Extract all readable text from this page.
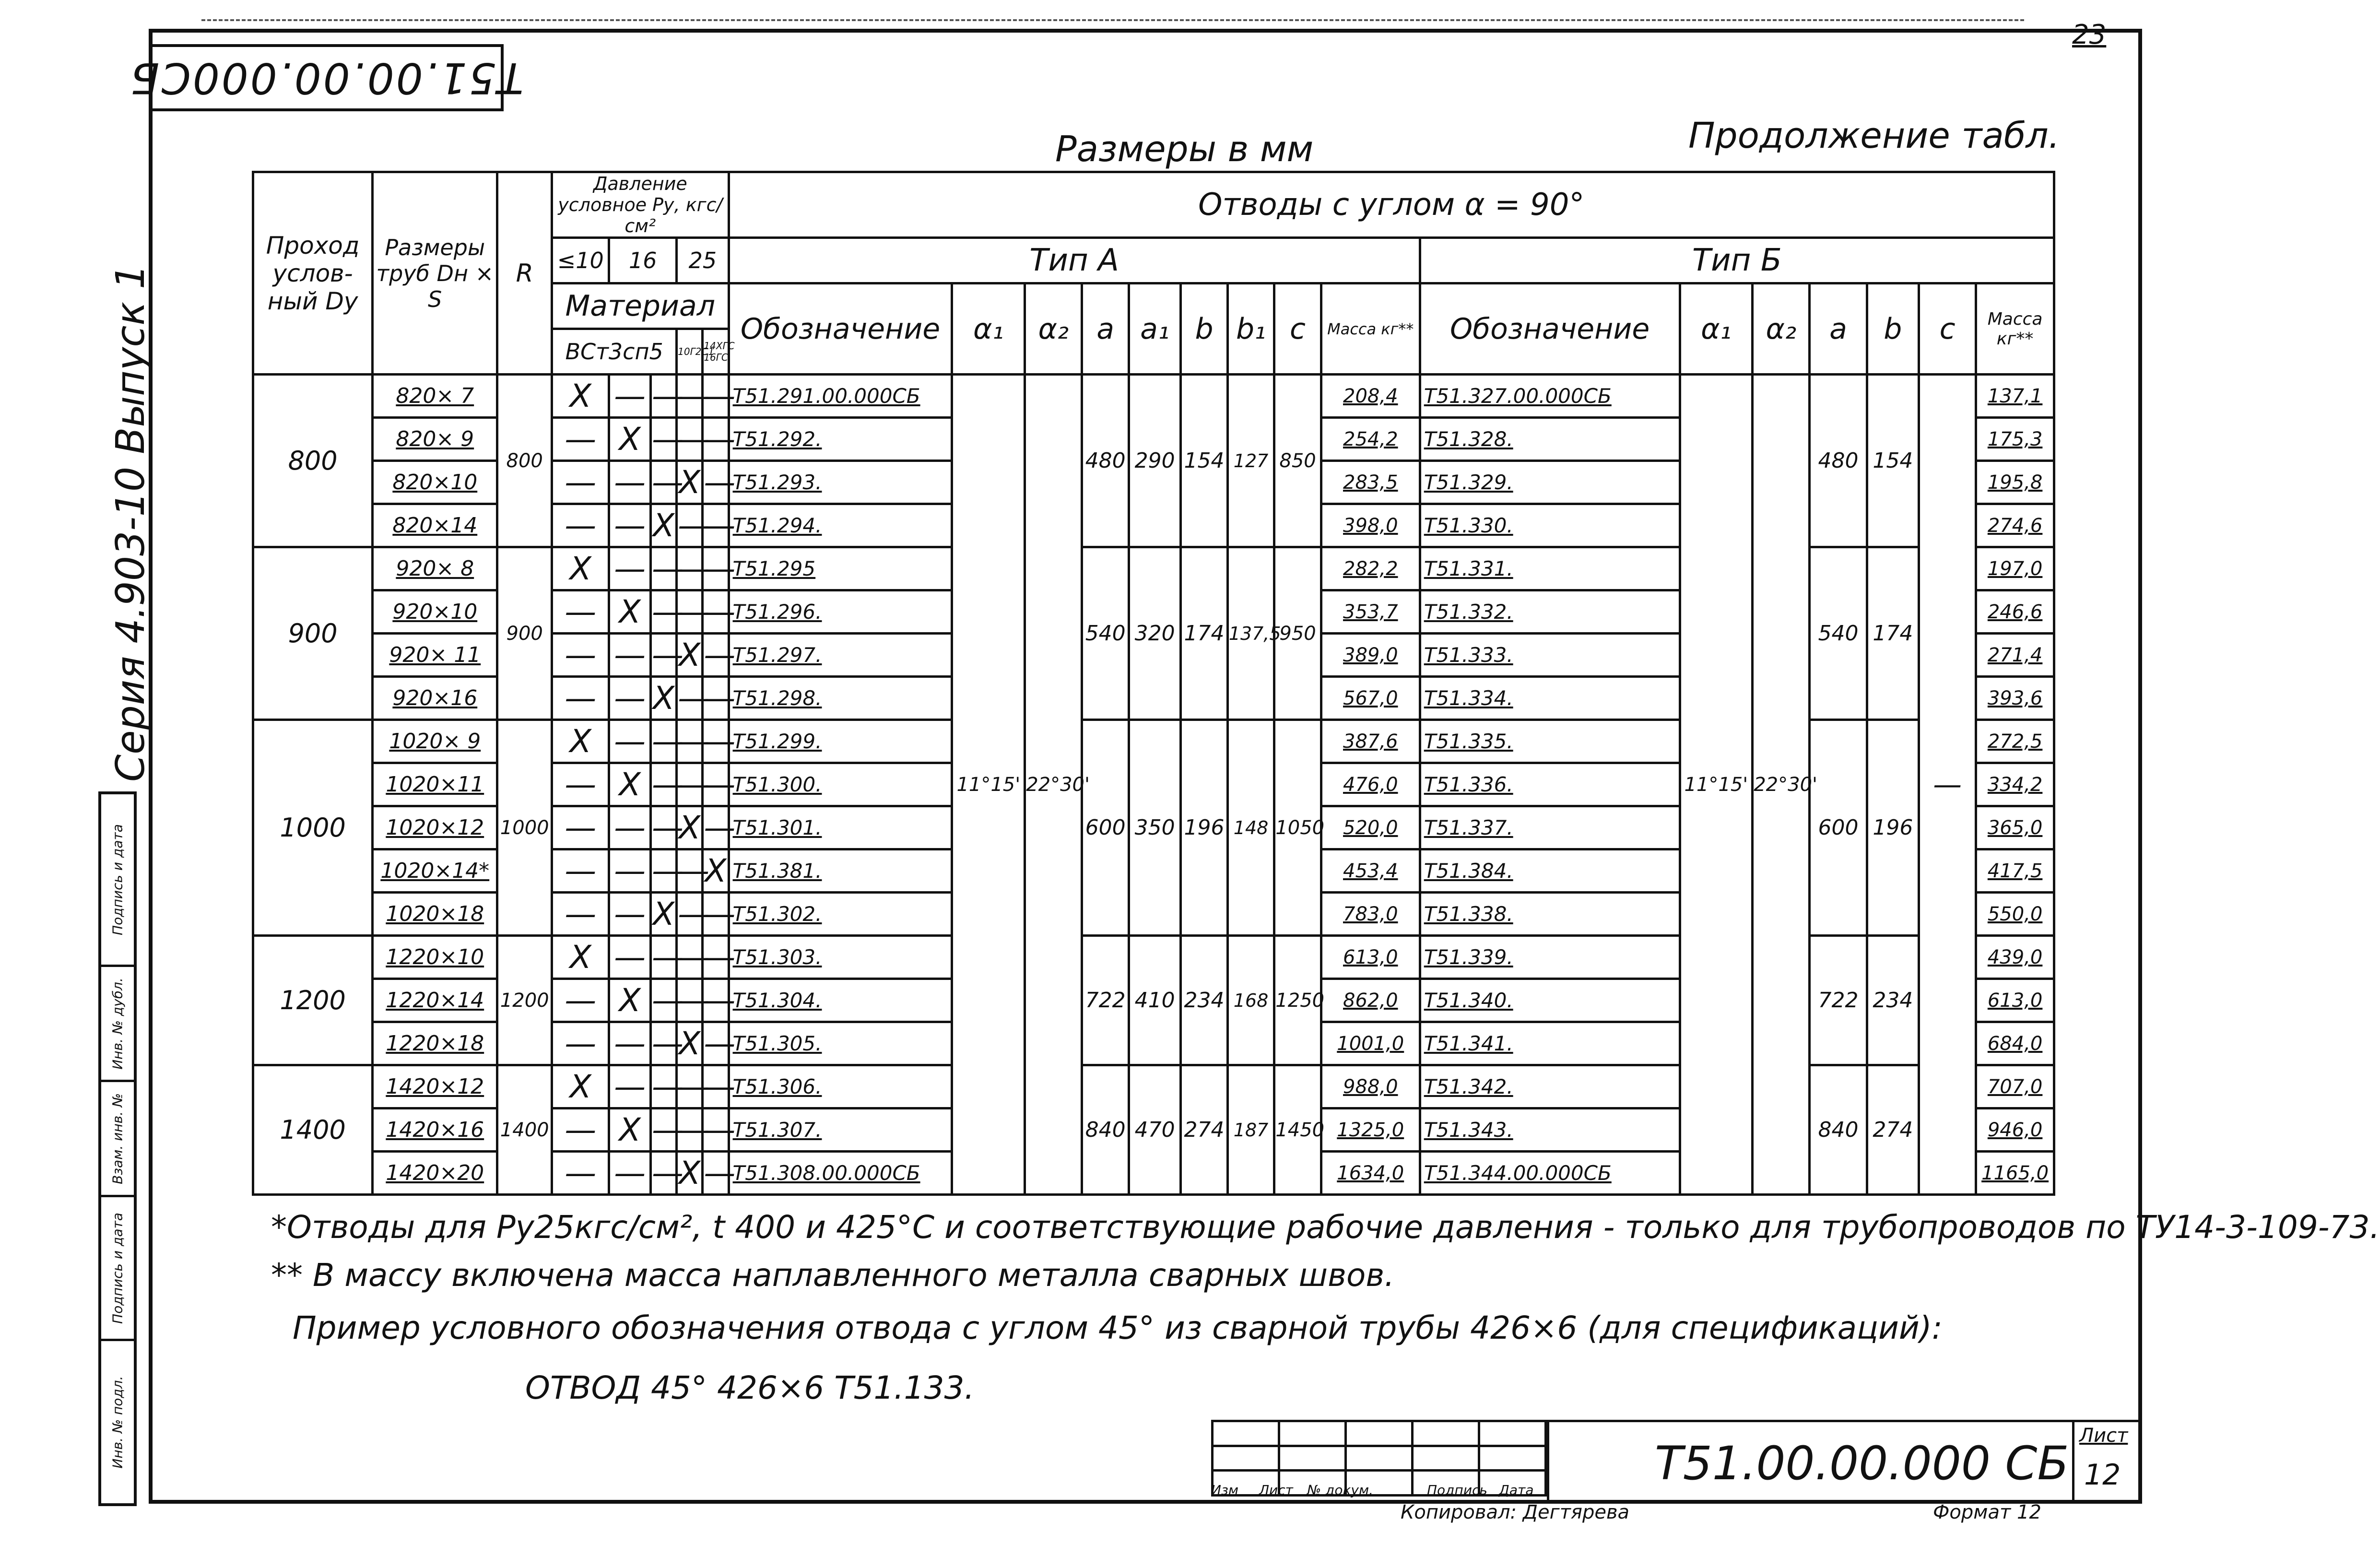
23
T51.00.00.000CБ
Серия 4.903-10 Выпуск 1
Подпись и дата
Инв. № дубл.
Взам. инв. №
Подпись и дата
Инв. № подл.
Размеры в мм	Продолжение табл.
Проход услов-ный Dy	Размеры труб Dн × S	R	Давление условное Ру, кгс/см²					Отводы с углом α = 90°															
			≤10	16		25		Тип А									Тип Б						
			Материал					Обозначение	α₁	α₂	a	a₁	b	b₁	c	Масса кг**	Обозначение	α₁	α₂	a	b	c	Масса кг**
			ВСт3сп5			10Г2С1	14ХГС 16ГС																
800	820× 7	800	X	—	—	—	—	T51.291.00.000СБ	11°15'	22°30'	480	290	154	127	850	208,4	T51.327.00.000СБ	11°15'	22°30'	480	154	—	137,1
	820× 9		—	X	—	—	—	T51.292.								254,2	T51.328.						175,3
	820×10		—	—	—	X	—	T51.293.								283,5	T51.329.						195,8
	820×14		—	—	X	—	—	T51.294.								398,0	T51.330.						274,6
900	920× 8	900	X	—	—	—	—	T51.295			540	320	174	137,5	950	282,2	T51.331.			540	174		197,0
	920×10		—	X	—	—	—	T51.296.								353,7	T51.332.						246,6
	920× 11		—	—	—	X	—	T51.297.								389,0	T51.333.						271,4
	920×16		—	—	X	—	—	T51.298.								567,0	T51.334.						393,6
1000	1020× 9	1000	X	—	—	—	—	T51.299.			600	350	196	148	1050	387,6	T51.335.			600	196		272,5
	1020×11		—	X	—	—	—	T51.300.								476,0	T51.336.						334,2
	1020×12		—	—	—	X	—	T51.301.								520,0	T51.337.						365,0
	1020×14*		—	—	—	—	X	T51.381.								453,4	T51.384.						417,5
	1020×18		—	—	X	—	—	T51.302.								783,0	T51.338.						550,0
1200	1220×10	1200	X	—	—	—	—	T51.303.			722	410	234	168	1250	613,0	T51.339.			722	234		439,0
	1220×14		—	X	—	—	—	T51.304.								862,0	T51.340.						613,0
	1220×18		—	—	—	X	—	T51.305.								1001,0	T51.341.						684,0
1400	1420×12	1400	X	—	—	—	—	T51.306.			840	470	274	187	1450	988,0	T51.342.			840	274		707,0
	1420×16		—	X	—	—	—	T51.307.								1325,0	T51.343.						946,0
	1420×20		—	—	—	X	—	T51.308.00.000СБ								1634,0	T51.344.00.000СБ						1165,0
*Отводы для Ру25кгс/см², t 400 и 425°С и соответствующие рабочие давления - только для трубопроводов по ТУ14-3-109-73.
** В массу включена масса наплавленного металла сварных швов.
Пример условного обозначения отвода с углом 45° из сварной трубы 426×6 (для спецификаций):
ОТВОД 45° 426×6 Т51.133.

Изм	Лист	№ докум.	Подпись Дата	T51.00.00.000 СБ
Лист
12
Копировал: Дегтярева	Формат 12
